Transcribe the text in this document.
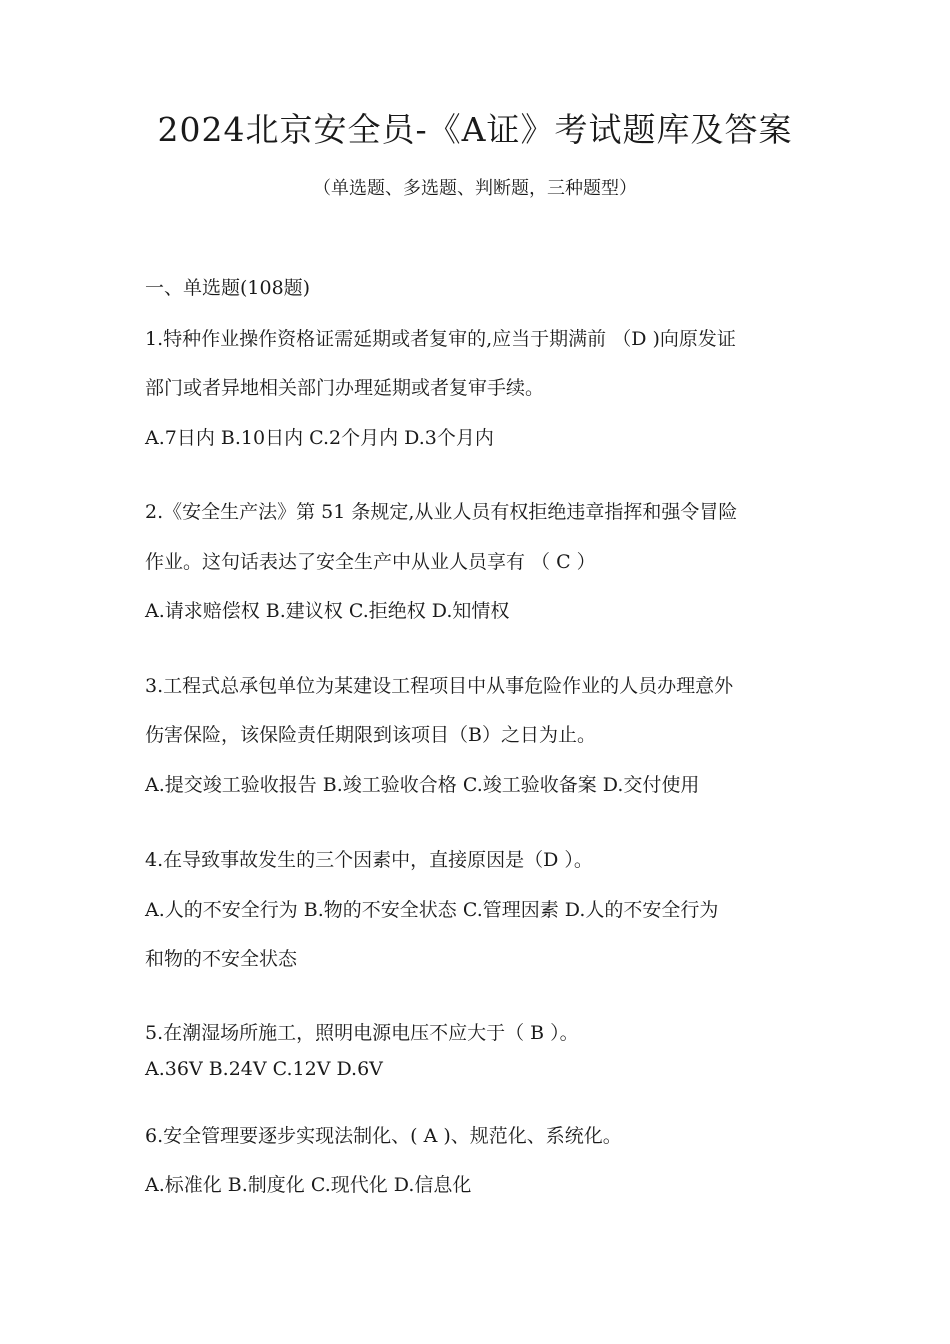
2024北京安全员-《A证》考试题库及答案
（单选题、多选题、判断题，三种题型）
一、单选题(108题)
1.特种作业操作资格证需延期或者复审的,应当于期满前 （D )向原发证
部门或者异地相关部门办理延期或者复审手续。
A.7日内 B.10日内 C.2个月内 D.3个月内
2.《安全生产法》第 51 条规定,从业人员有权拒绝违章指挥和强令冒险
作业。这句话表达了安全生产中从业人员享有 （ C ）
A.请求赔偿权 B.建议权 C.拒绝权 D.知情权
3.工程式总承包单位为某建设工程项目中从事危险作业的人员办理意外
伤害保险，该保险责任期限到该项目（B）之日为止。
A.提交竣工验收报告 B.竣工验收合格 C.竣工验收备案 D.交付使用
4.在导致事故发生的三个因素中，直接原因是（D ）。
A.人的不安全行为 B.物的不安全状态 C.管理因素 D.人的不安全行为
和物的不安全状态
5.在潮湿场所施工，照明电源电压不应大于（ B ）。
A.36V B.24V C.12V D.6V
6.安全管理要逐步实现法制化、( A )、规范化、系统化。
A.标准化 B.制度化 C.现代化 D.信息化
